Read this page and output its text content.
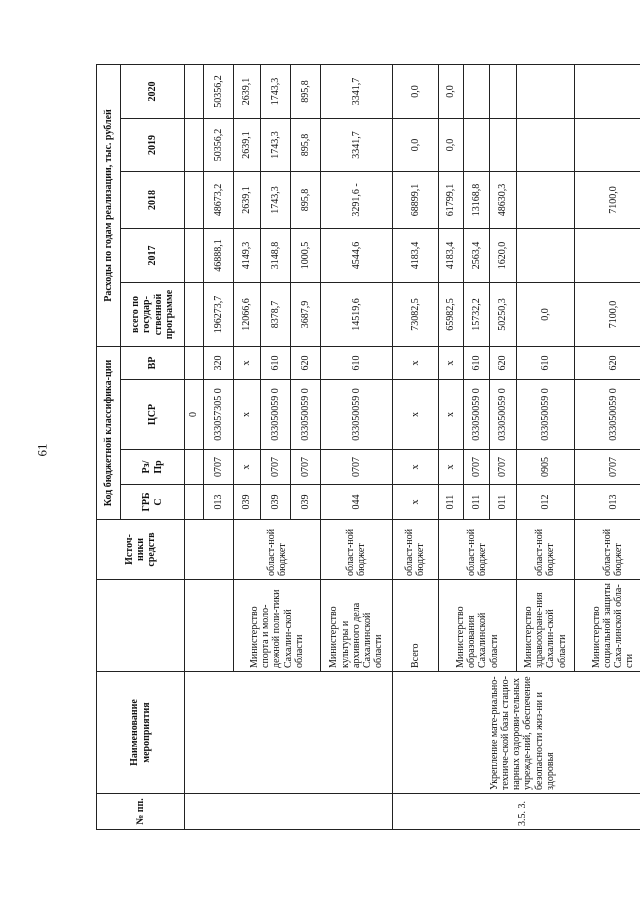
61
№ пп.	Наименование мероприятия		Источ-ники средств	Код бюджетной классифика-ции				Расходы по годам реализации, тыс. рублей				
				ГРБ С	Рз/ Пр	ЦСР	ВР	всего по государ-ственной программе	2017	2018	2019	2020
						0						
				013	0707	033057305 0	320	196273,7	46888,1	48673,2	50356,2	50356,2
		Министерство спорта и моло-дежной поли-тики Сахалин-ской области	област-ной бюджет	039	x	x	x	12066,6	4149,3	2639,1	2639,1	2639,1
				039	0707	033050059 0	610	8378,7	3148,8	1743,3	1743,3	1743,3
				039	0707	033050059 0	620	3687,9	1000,5	895,8	895,8	895,8
		Министерство культуры и архивного дела Сахалинской области	област-ной бюджет	044	0707	033050059 0	610	14519,6	4544,6	3291,6 -	3341,7	3341,7
3.5. 3.	Укрепление мате-риально-техниче-ской базы стацио-нарных оздорови-тельных учрежде-ний, обеспечение безопасности жиз-ни и здоровья	Всего	област-ной бюджет	x	x	x	x	73082,5	4183,4	68899,1	0,0	0,0
		Министерство образования Сахалинской области	област-ной бюджет	011	x	x	x	65982,5	4183,4	61799,1	0,0	0,0
				011	0707	033050059 0	610	15732,2	2563,4	13168,8		
				011	0707	033050059 0	620	50250,3	1620,0	48630,3		
		Министерство здравоохране-ния Сахалин-ской области	област-ной бюджет	012	0905	033050059 0	610	0,0				
		Министерство социальной защиты Саха-линской обла-сти	област-ной бюджет	013	0707	033050059 0	620	7100,0		7100,0		
